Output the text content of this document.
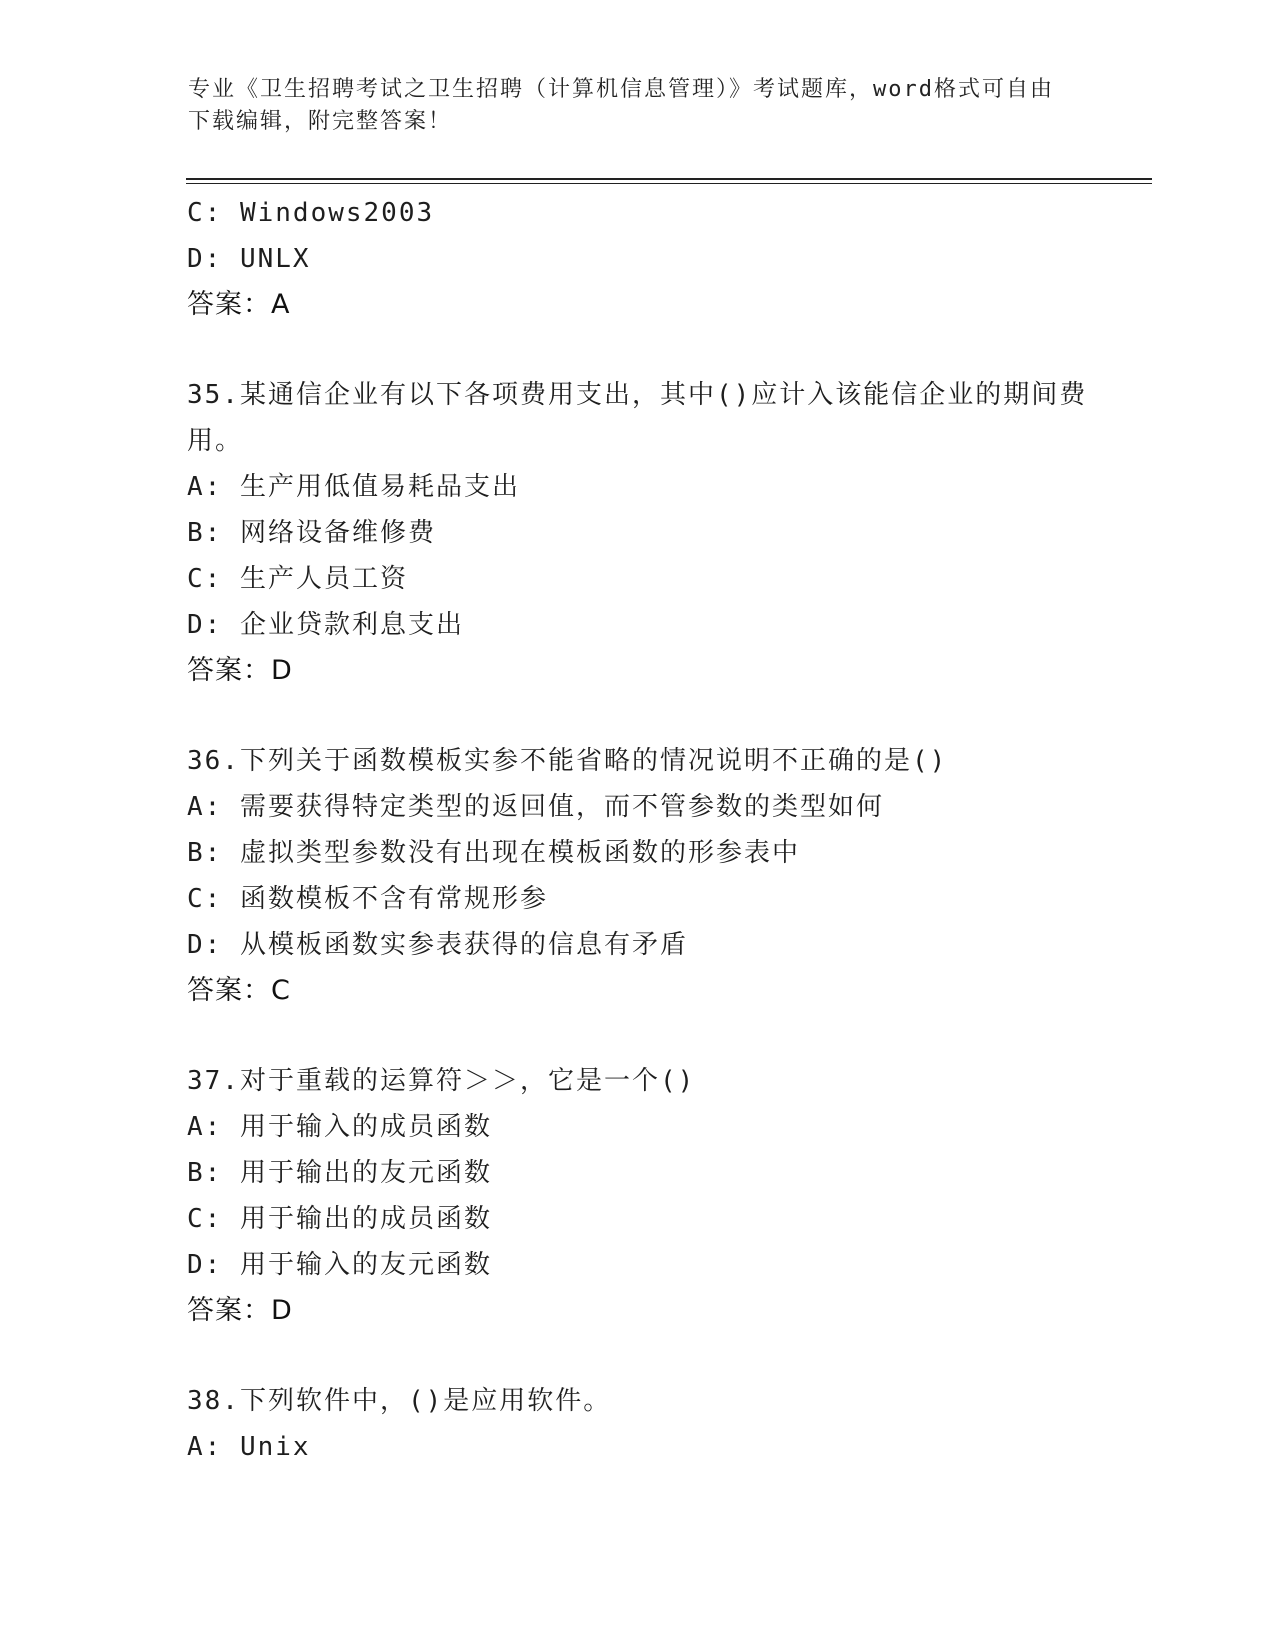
专业《卫生招聘考试之卫生招聘（计算机信息管理）》考试题库，word格式可自由下载编辑，附完整答案！
C: Windows2003
D: UNLX
答案：A
35.某通信企业有以下各项费用支出，其中()应计入该能信企业的期间费用。
A: 生产用低值易耗品支出
B: 网络设备维修费
C: 生产人员工资
D: 企业贷款利息支出
答案：D
36.下列关于函数模板实参不能省略的情况说明不正确的是()
A: 需要获得特定类型的返回值，而不管参数的类型如何
B: 虚拟类型参数没有出现在模板函数的形参表中
C: 函数模板不含有常规形参
D: 从模板函数实参表获得的信息有矛盾
答案：C
37.对于重载的运算符＞＞，它是一个()
A: 用于输入的成员函数
B: 用于输出的友元函数
C: 用于输出的成员函数
D: 用于输入的友元函数
答案：D
38.下列软件中，()是应用软件。
A: Unix
